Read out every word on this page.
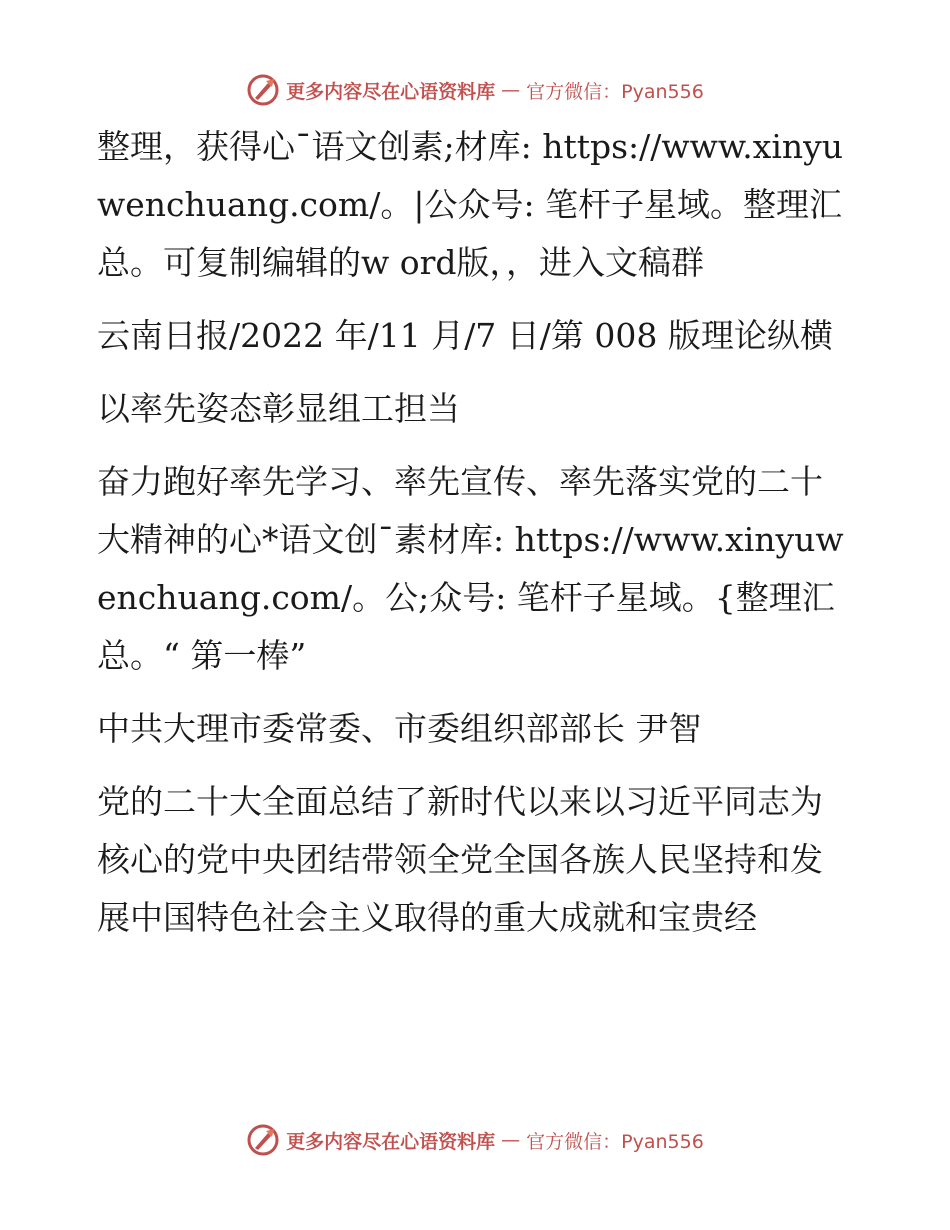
更多内容尽在心语资料库 — 官方微信：Pyan556

整理，获得心¯语文创素;材库: https://www.xinyuwenchuang.com/。|公众号: 笔杆子星域。整理汇总。可复制编辑的w ord版，，进入文稿群

云南日报/2022 年/11 月/7 日/第 008 版理论纵横

以率先姿态彰显组工担当

奋力跑好率先学习、率先宣传、率先落实党的二十大精神的心*语文创¯素材库: https://www.xinyuwenchuang.com/。公;众号: 笔杆子星域。{整理汇总。“ 第一棒”

中共大理市委常委、市委组织部部长 尹智

党的二十大全面总结了新时代以来以习近平同志为核心的党中央团结带领全党全国各族人民坚持和发展中国特色社会主义取得的重大成就和宝贵经

更多内容尽在心语资料库 — 官方微信：Pyan556
